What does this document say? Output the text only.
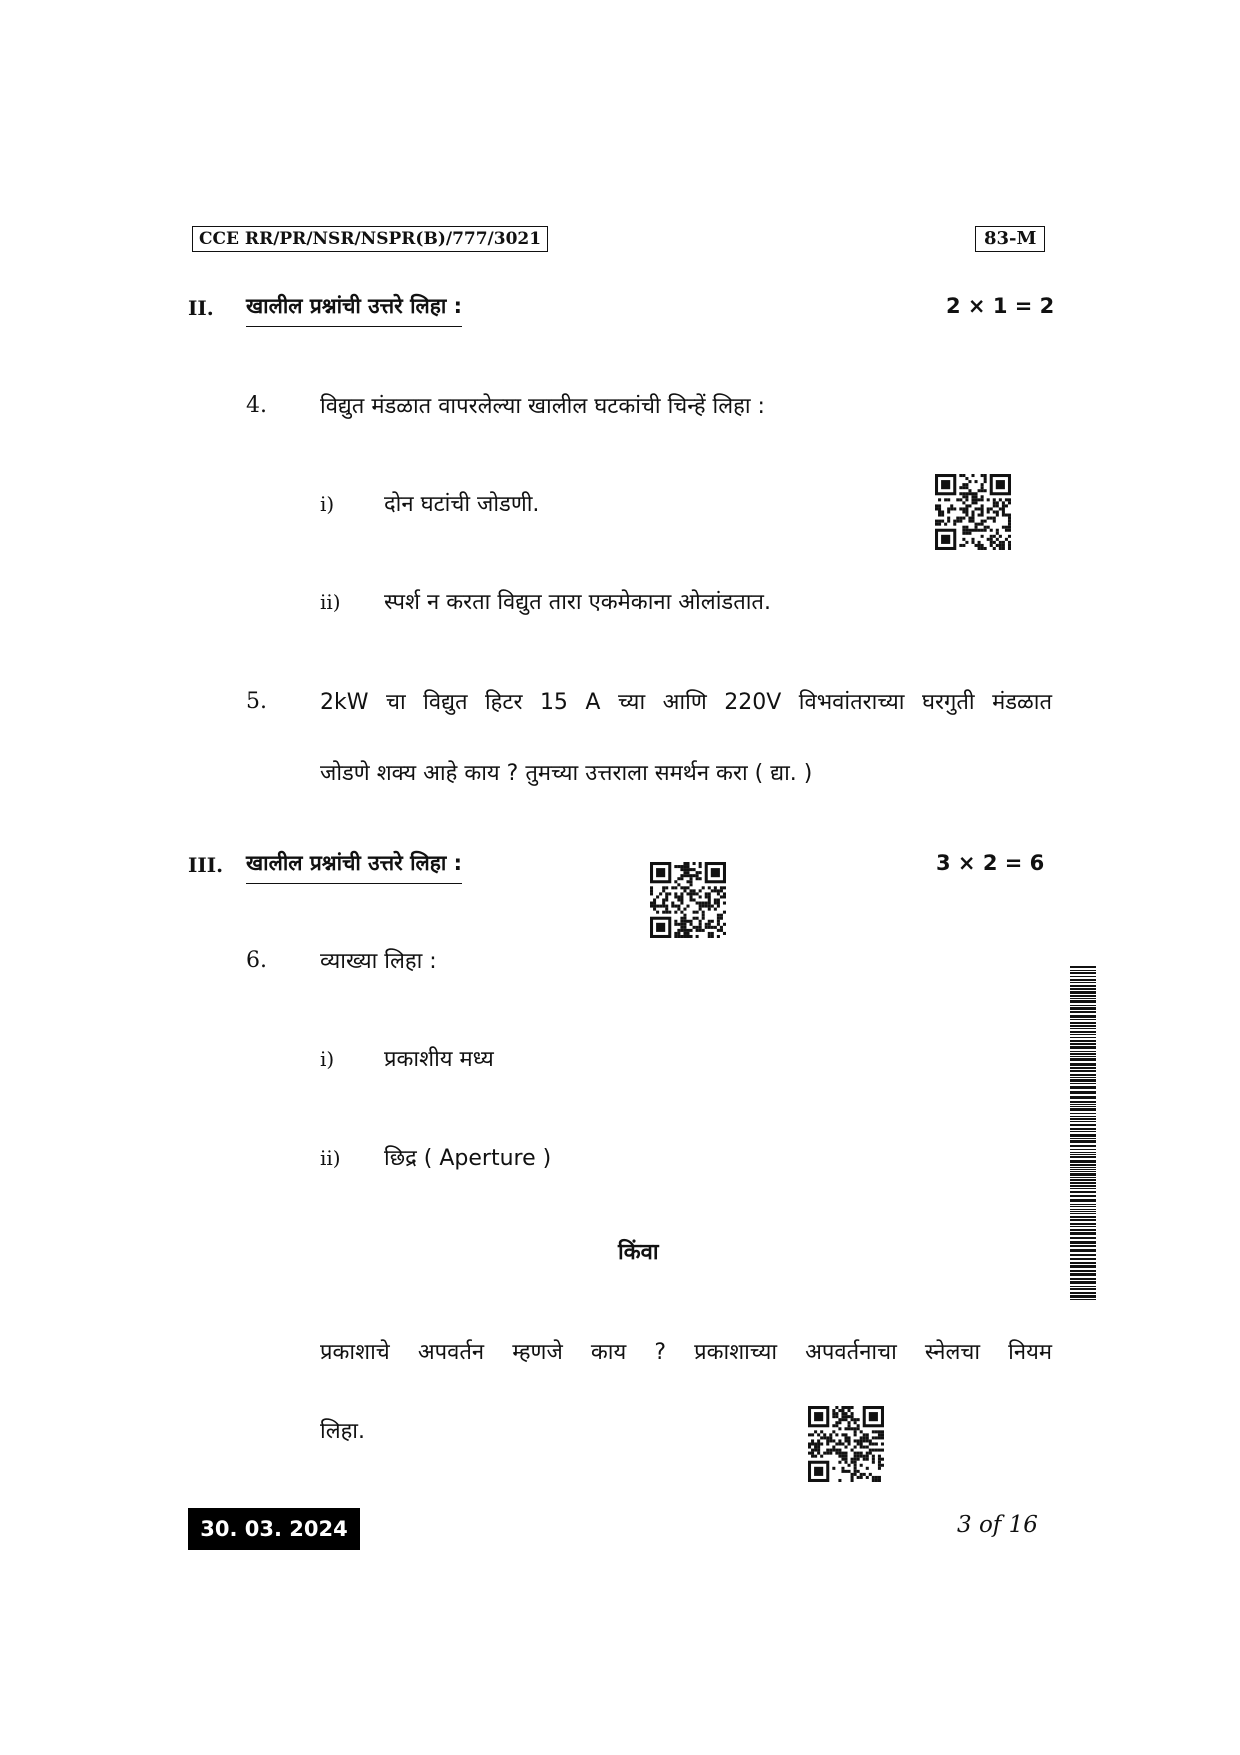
CCE RR/PR/NSR/NSPR(B)/777/3021	83-M
II. खालील प्रश्नांची उत्तरे लिहा :	2 × 1 = 2
4. विद्युत मंडळात वापरलेल्या खालील घटकांची चिन्हें लिहा :
i) दोन घटांची जोडणी.
ii) स्पर्श न करता विद्युत तारा एकमेकाना ओलांडतात.
5. 2kW चा विद्युत हिटर 15 A च्या आणि 220V विभवांतराच्या घरगुती मंडळात
जोडणे शक्य आहे काय ? तुमच्या उत्तराला समर्थन करा ( द्या. )
III. खालील प्रश्नांची उत्तरे लिहा :	3 × 2 = 6
6. व्याख्या लिहा :
i) प्रकाशीय मध्य
ii) छिद्र ( Aperture )
किंवा
प्रकाशाचे अपवर्तन म्हणजे काय ? प्रकाशाच्या अपवर्तनाचा स्नेलचा नियम
लिहा.
30. 03. 2024	3 of 16
